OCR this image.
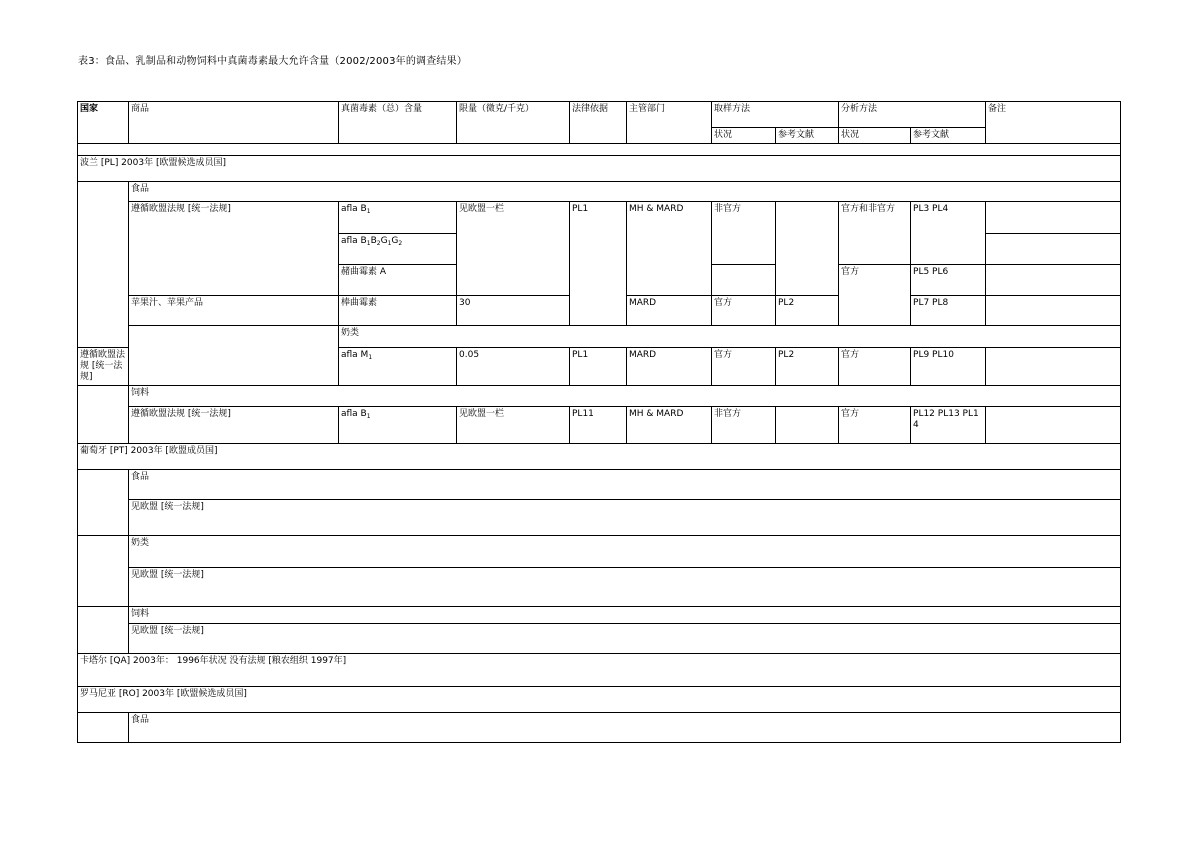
表3：食品、乳制品和动物饲料中真菌毒素最大允许含量（2002/2003年的调查结果）
国家	商品	真菌毒素（总）含量	限量（微克/千克）	法律依据	主管部门	取样方法		分析方法		备注
						状况	参考文献	状况	参考文献	

波兰 [PL] 2003年 [欧盟候选成员国]										
	食品									
	遵循欧盟法规 [统一法规]	afla $B_1$	见欧盟一栏	PL1	MH & MARD	非官方		官方和非官方	PL3 PL4	
		afla $B_1B_2G_1G_2$	
		赭曲霉素 A						官方	PL5 PL6	
	苹果汁、苹果产品	棒曲霉素	30		MARD	官方	PL2		PL7 PL8	
		奶类								
遵循欧盟法规 [统一法规]		afla $M_1$	0.05	PL1	MARD	官方	PL2	官方	PL9 PL10	
	饲料									
	遵循欧盟法规 [统一法规]	afla $B_1$	见欧盟一栏	PL11	MH & MARD	非官方		官方	PL12 PL13 PL14	
葡萄牙 [PT] 2003年 [欧盟成员国]										
	食品									
	见欧盟 [统一法规]									
	奶类									
	见欧盟 [统一法规]									
	饲料									
	见欧盟 [统一法规]									
卡塔尔 [QA] 2003年： 1996年状况 没有法规 [粮农组织 1997年]										
罗马尼亚 [RO] 2003年 [欧盟候选成员国]										
	食品									
